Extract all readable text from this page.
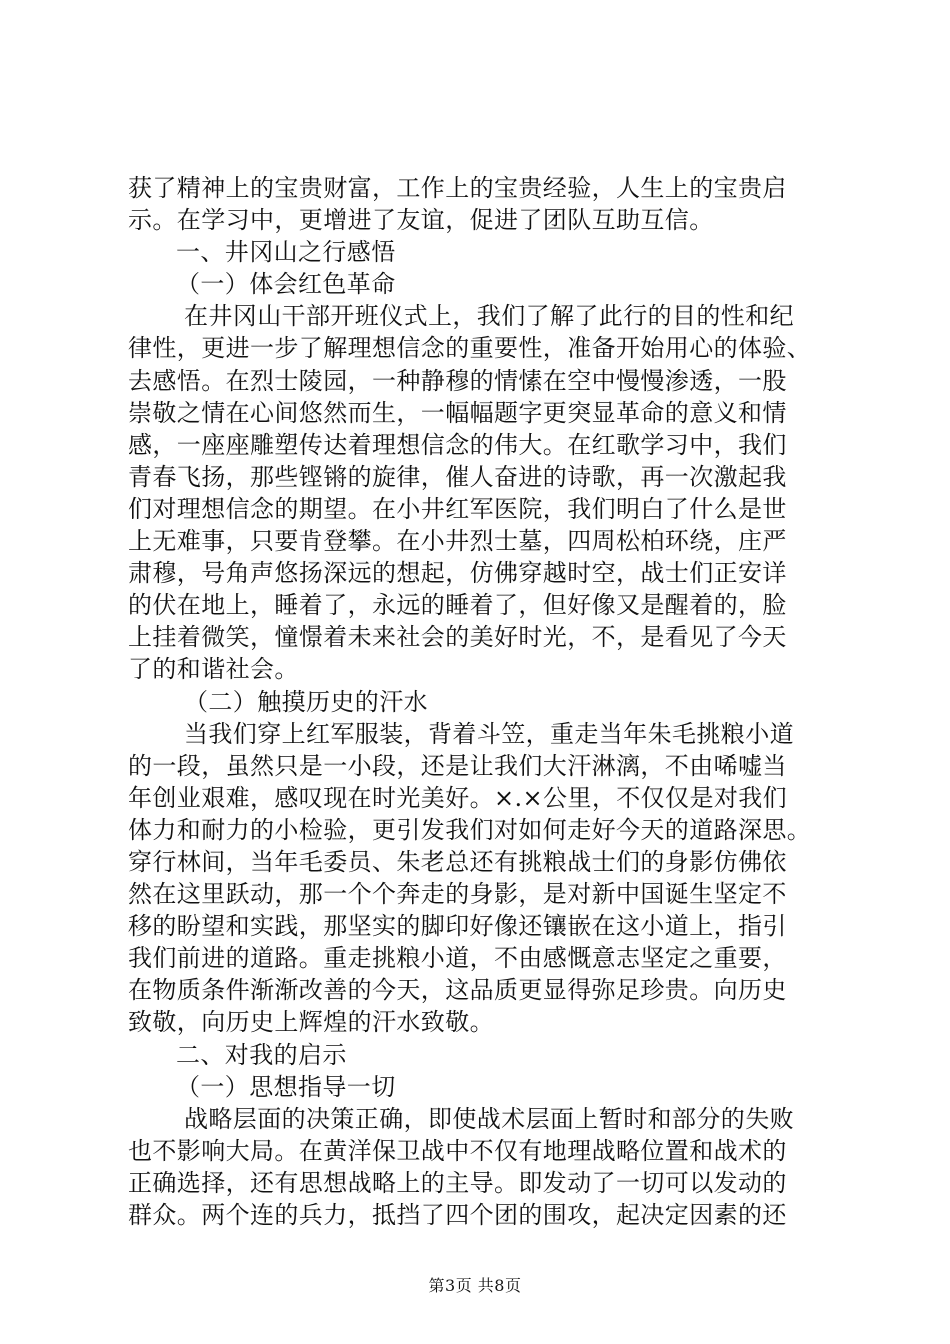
获了精神上的宝贵财富，工作上的宝贵经验，人生上的宝贵启
示。在学习中，更增进了友谊，促进了团队互助互信。
一、井冈山之行感悟
（一）体会红色革命
在井冈山干部开班仪式上，我们了解了此行的目的性和纪
律性，更进一步了解理想信念的重要性，准备开始用心的体验、
去感悟。在烈士陵园，一种静穆的情愫在空中慢慢渗透，一股
崇敬之情在心间悠然而生，一幅幅题字更突显革命的意义和情
感，一座座雕塑传达着理想信念的伟大。在红歌学习中，我们
青春飞扬，那些铿锵的旋律，催人奋进的诗歌，再一次激起我
们对理想信念的期望。在小井红军医院，我们明白了什么是世
上无难事，只要肯登攀。在小井烈士墓，四周松柏环绕，庄严
肃穆，号角声悠扬深远的想起，仿佛穿越时空，战士们正安详
的伏在地上，睡着了，永远的睡着了，但好像又是醒着的，脸
上挂着微笑，憧憬着未来社会的美好时光，不，是看见了今天
了的和谐社会。
（二）触摸历史的汗水
当我们穿上红军服装，背着斗笠，重走当年朱毛挑粮小道
的一段，虽然只是一小段，还是让我们大汗淋漓，不由唏嘘当
年创业艰难，感叹现在时光美好。×.×公里，不仅仅是对我们
体力和耐力的小检验，更引发我们对如何走好今天的道路深思。
穿行林间，当年毛委员、朱老总还有挑粮战士们的身影仿佛依
然在这里跃动，那一个个奔走的身影，是对新中国诞生坚定不
移的盼望和实践，那坚实的脚印好像还镶嵌在这小道上，指引
我们前进的道路。重走挑粮小道，不由感慨意志坚定之重要，
在物质条件渐渐改善的今天，这品质更显得弥足珍贵。向历史
致敬，向历史上辉煌的汗水致敬。
二、对我的启示
（一）思想指导一切
战略层面的决策正确，即使战术层面上暂时和部分的失败
也不影响大局。在黄洋保卫战中不仅有地理战略位置和战术的
正确选择，还有思想战略上的主导。即发动了一切可以发动的
群众。两个连的兵力，抵挡了四个团的围攻，起决定因素的还
第3页 共8页
